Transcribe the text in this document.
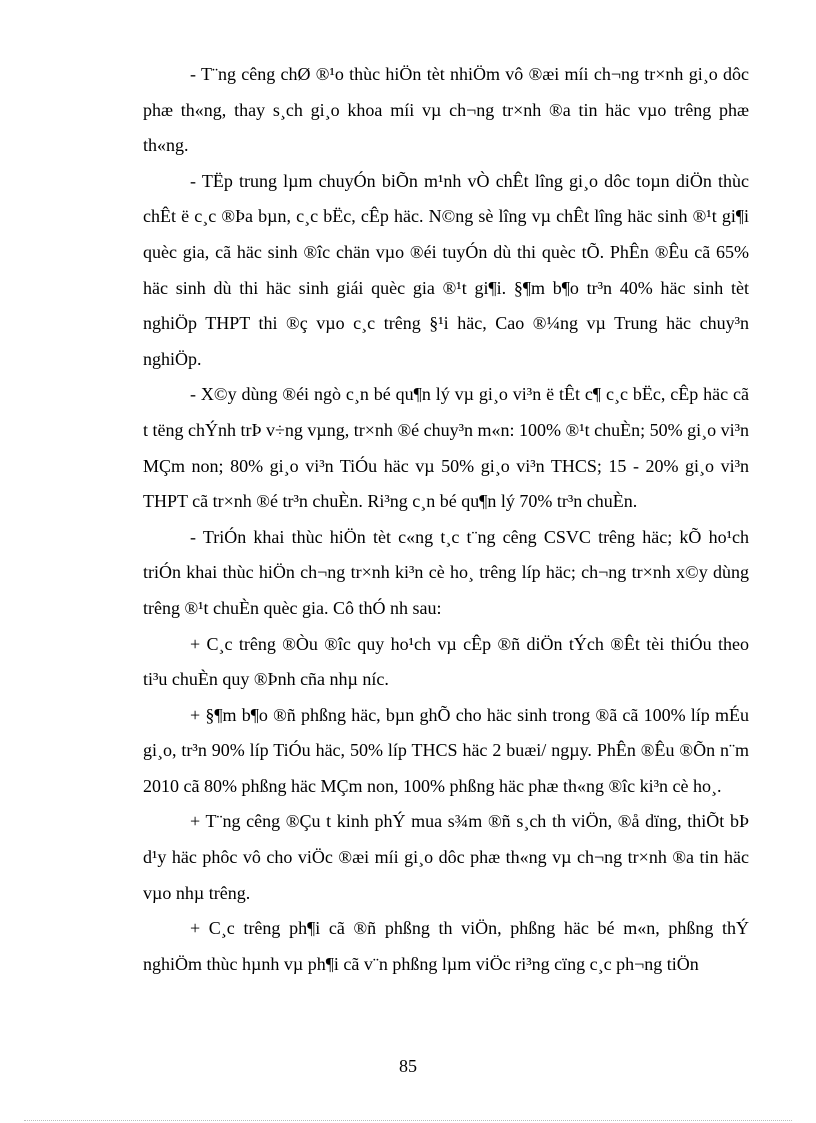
- T¨ng cêng chØ ®¹o thùc hiÖn tèt nhiÖm vô ®æi míi ch¬ng tr×nh gi¸o dôc phæ th«ng, thay s¸ch gi¸o khoa míi vµ ch¬ng tr×nh ®a tin häc vµo trêng phæ th«ng.

- TËp trung lµm chuyÓn biÕn m¹nh vÒ chÊt lîng gi¸o dôc toµn diÖn thùc chÊt ë c¸c ®Þa bµn, c¸c bËc, cÊp häc. N©ng sè lîng vµ chÊt lîng häc sinh ®¹t gi¶i quèc gia, cã häc sinh ®îc chän vµo ®éi tuyÓn dù thi quèc tÕ. PhÊn ®Êu cã 65% häc sinh dù thi häc sinh giái quèc gia ®¹t gi¶i. §¶m b¶o tr³n 40% häc sinh tèt nghiÖp THPT thi ®ç vµo c¸c trêng §¹i häc, Cao ®¼ng vµ Trung häc chuy³n nghiÖp.

- X©y dùng ®éi ngò c¸n bé qu¶n lý vµ gi¸o vi³n ë tÊt c¶ c¸c bËc, cÊp häc cã t tëng chÝnh trÞ v÷ng vµng, tr×nh ®é chuy³n m«n: 100% ®¹t chuÈn; 50% gi¸o vi³n MÇm non; 80% gi¸o vi³n TiÓu häc vµ 50% gi¸o vi³n THCS; 15 - 20% gi¸o vi³n THPT cã tr×nh ®é tr³n chuÈn. Ri³ng c¸n bé qu¶n lý 70% tr³n chuÈn.

- TriÓn khai thùc hiÖn tèt c«ng t¸c t¨ng cêng CSVC trêng häc; kÕ ho¹ch triÓn khai thùc hiÖn ch¬ng tr×nh ki³n cè ho¸ trêng líp häc; ch¬ng tr×nh x©y dùng trêng ®¹t chuÈn quèc gia. Cô thÓ nh sau:

+ C¸c trêng ®Òu ®îc quy ho¹ch vµ cÊp ®ñ diÖn tÝch ®Êt tèi thiÓu theo ti³u chuÈn quy ®Þnh cña nhµ níc.

+ §¶m b¶o ®ñ phßng häc, bµn ghÕ cho häc sinh trong ®ã cã 100% líp mÉu gi¸o, tr³n 90% líp TiÓu häc, 50% líp THCS häc 2 buæi/ ngµy. PhÊn ®Êu ®Õn n¨m 2010 cã 80% phßng häc MÇm non, 100% phßng häc phæ th«ng ®îc ki³n cè ho¸.

+ T¨ng cêng ®Çu t kinh phÝ mua s¾m ®ñ s¸ch th viÖn, ®å dïng, thiÕt bÞ d¹y häc phôc vô cho viÖc ®æi míi gi¸o dôc phæ th«ng vµ ch¬ng tr×nh ®a tin häc vµo nhµ trêng.

+ C¸c trêng ph¶i cã ®ñ phßng th viÖn, phßng häc bé m«n, phßng thÝ nghiÖm thùc hµnh vµ ph¶i cã v¨n phßng lµm viÖc ri³ng cïng c¸c ph¬ng tiÖn

85
